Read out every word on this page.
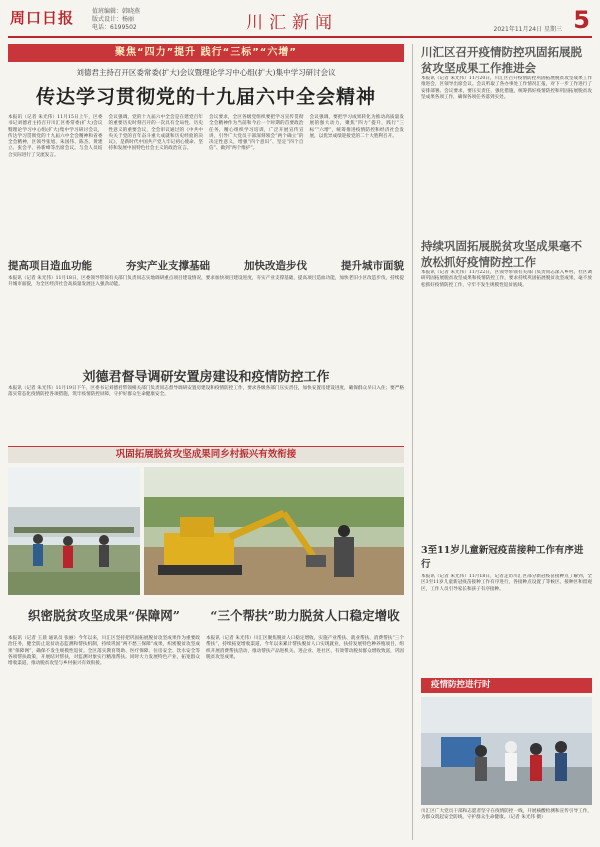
周口日报	值班编辑：韩晓燕
版式设计：杨丽
电话：6199502	川汇新闻	2021年11月24日 星期三 5
聚焦“四力”提升 践行“三标”“六增”
刘德君主持召开区委常委(扩大)会议暨理论学习中心组(扩大)集中学习研讨会议
传达学习贯彻党的十九届六中全会精神
本报讯（记者 朱光伟）11月15日上午，区委书记刘德君主持召开川汇区委常委(扩大)会议暨理论学习中心组(扩大)集中学习研讨会议，传达学习贯彻党的十九届六中全会精神和省委全会精神，区领导张旭、朱国伟、陈杰、黄建立、张会平、孙新峰等出席会议。与会人员结合实际进行了交流发言。
会议强调，党的十九届六中全会是在建党百年的重要历史时刻召开的一次具有全局性、历史性意义的重要会议，全会审议通过的《中共中央关于党的百年奋斗重大成就和历史经验的决议》，是新时代中国共产党人牢记初心使命、坚持和发展中国特色社会主义的政治宣言。
会议要求，全区各级党组织要把学习宣传贯彻全会精神作为当前和今后一个时期的首要政治任务，精心组织学习培训，广泛开展宣传宣讲，引导广大党员干部深刻领会“两个确立”的决定性意义，增强“四个意识”、坚定“四个自信”、做到“两个维护”。
会议强调，要把学习成果转化为推动高质量发展的强大动力，聚焦“四力”提升，践行“三标”“六增”，统筹推进疫情防控和经济社会发展，以优异成绩迎接党的二十大胜利召开。
提高项目造血功能	夯实产业支撑基础	加快改造步伐	提升城市面貌
本报讯（记者 朱光伟）11月18日，区委领导带领有关部门负责同志实地调研重点项目建设情况，要求加快项目建设进度，夯实产业支撑基础，提高项目造血功能，加快老旧小区改造步伐，持续提升城市面貌，为全区经济社会高质量发展注入强劲动能。
刘德君督导调研安置房建设和疫情防控工作
本报讯（记者 朱光伟）11月19日下午，区委书记刘德君带领相关部门负责同志督导调研安置房建设和疫情防控工作，要求各级各部门压实责任，加快安置房建设进度，确保群众早日入住；要严格落实常态化疫情防控各项措施，筑牢疫情防控屏障，守护好群众生命健康安全。
巩固拓展脱贫攻坚成果同乡村振兴有效衔接
织密脱贫攻坚成果“保障网”
本报讯（记者 王晨 通讯员 张丽）今年以来，川汇区坚持把巩固拓展脱贫攻坚成果作为重要政治任务，健全防止返贫动态监测和帮扶机制，持续巩固“两不愁三保障”成果，织密脱贫攻坚成果“保障网”，确保不发生规模性返贫。全区落实教育资助、医疗保障、住房安全、饮水安全等各项帮扶政策，开展结对帮扶，对监测对象实行精准帮扶。同时大力发展特色产业，拓宽群众增收渠道，推动脱贫攻坚与乡村振兴有效衔接。
“三个帮扶”助力脱贫人口稳定增收
本报讯（记者 朱光伟）川汇区聚焦脱贫人口稳定增收，实施产业帮扶、就业帮扶、消费帮扶“三个帮扶”，持续拓宽增收渠道，今年以来累计帮扶脱贫人口实现就业，扶持发展特色种养殖项目，组织开展消费帮扶活动，推动帮扶产品进机关、进企业、进社区，有效带动脱贫群众增收致富，巩固脱贫攻坚成果。
川汇区召开疫情防控巩固拓展脱贫攻坚成果工作推进会
本报讯（记者 朱光伟）11月20日，川汇区召开疫情防控巩固拓展脱贫攻坚成果工作推进会，区领导出席会议。会议听取了各办事处工作情况汇报，对下一步工作进行了安排部署。会议要求，要压实责任，强化措施，统筹抓好疫情防控和巩固拓展脱贫攻坚成果各项工作，确保各项任务落到实处。
持续巩固拓展脱贫攻坚成果毫不放松抓好疫情防控工作
本报讯（记者 朱光伟）11月22日，区领导带领有关部门负责同志深入乡村、社区调研巩固拓展脱贫攻坚成果和疫情防控工作，要求持续巩固拓展脱贫攻坚成果，毫不放松抓好疫情防控工作，守牢不发生规模性返贫底线。
3至11岁儿童新冠疫苗接种工作有序进行
本报讯（记者 朱光伟）11月18日，记者走访川汇区部分新冠疫苗接种点了解到，全区3至11岁儿童新冠疫苗接种工作有序进行，各接种点设置了等候区、接种区和留观区，工作人员引导家长和孩子有序接种。
疫情防控进行时
川汇区广大党员干部和志愿者坚守在疫情防控一线，开展核酸检测和宣传引导工作，为群众筑起安全防线，守护群众生命健康。（记者 朱光伟 摄）
